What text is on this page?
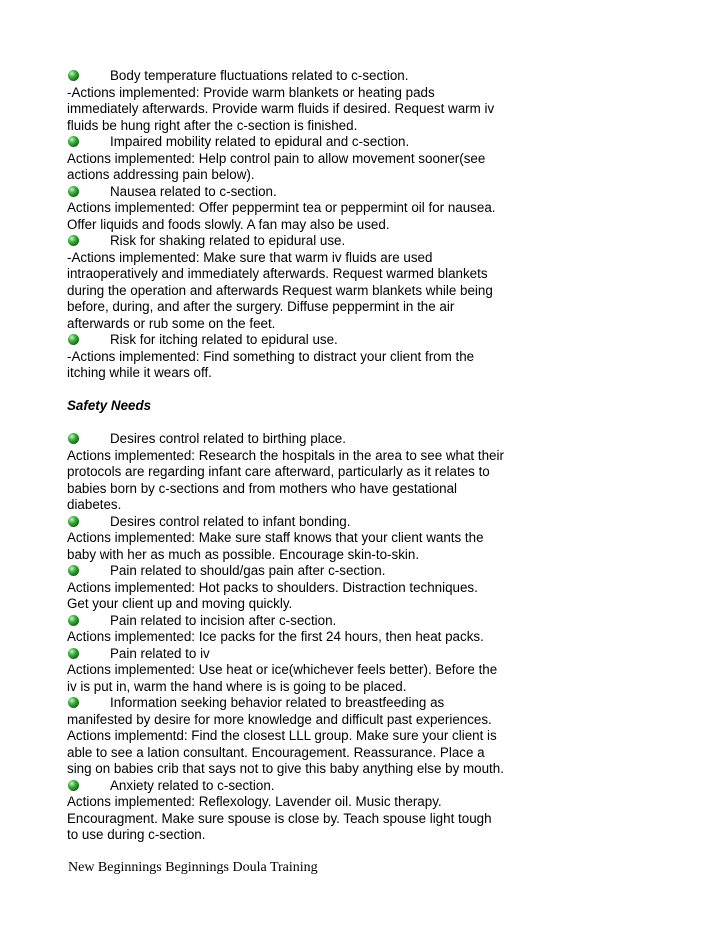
Body temperature fluctuations related to c-section.
-Actions implemented: Provide warm blankets or heating pads
immediately afterwards. Provide warm fluids if desired. Request warm iv
fluids be hung right after the c-section is finished.
Impaired mobility related to epidural and c-section.
Actions implemented: Help control pain to allow movement sooner(see
actions addressing pain below).
Nausea related to c-section.
Actions implemented: Offer peppermint tea or peppermint oil for nausea.
Offer liquids and foods slowly. A fan may also be used.
Risk for shaking related to epidural use.
-Actions implemented: Make sure that warm iv fluids are used
intraoperatively and immediately afterwards. Request warmed blankets
during the operation and afterwards Request warm blankets while being
before, during, and after the surgery. Diffuse peppermint in the air
afterwards or rub some on the feet.
Risk for itching related to epidural use.
-Actions implemented: Find something to distract your client from the
itching while it wears off.

Safety Needs

Desires control related to birthing place.
Actions implemented: Research the hospitals in the area to see what their
protocols are regarding infant care afterward, particularly as it relates to
babies born by c-sections and from mothers who have gestational
diabetes.
Desires control related to infant bonding.
Actions implemented: Make sure staff knows that your client wants the
baby with her as much as possible. Encourage skin-to-skin.
Pain related to should/gas pain after c-section.
Actions implemented: Hot packs to shoulders. Distraction techniques.
Get your client up and moving quickly.
Pain related to incision after c-section.
Actions implemented: Ice packs for the first 24 hours, then heat packs.
Pain related to iv
Actions implemented: Use heat or ice(whichever feels better). Before the
iv is put in, warm the hand where is is going to be placed.
Information seeking behavior related to breastfeeding as
manifested by desire for more knowledge and difficult past experiences.
Actions implementd: Find the closest LLL group. Make sure your client is
able to see a lation consultant. Encouragement. Reassurance. Place a
sing on babies crib that says not to give this baby anything else by mouth.
Anxiety related to c-section.
Actions implemented: Reflexology. Lavender oil. Music therapy.
Encouragment. Make sure spouse is close by. Teach spouse light tough
to use during c-section.
New Beginnings Beginnings Doula Training
